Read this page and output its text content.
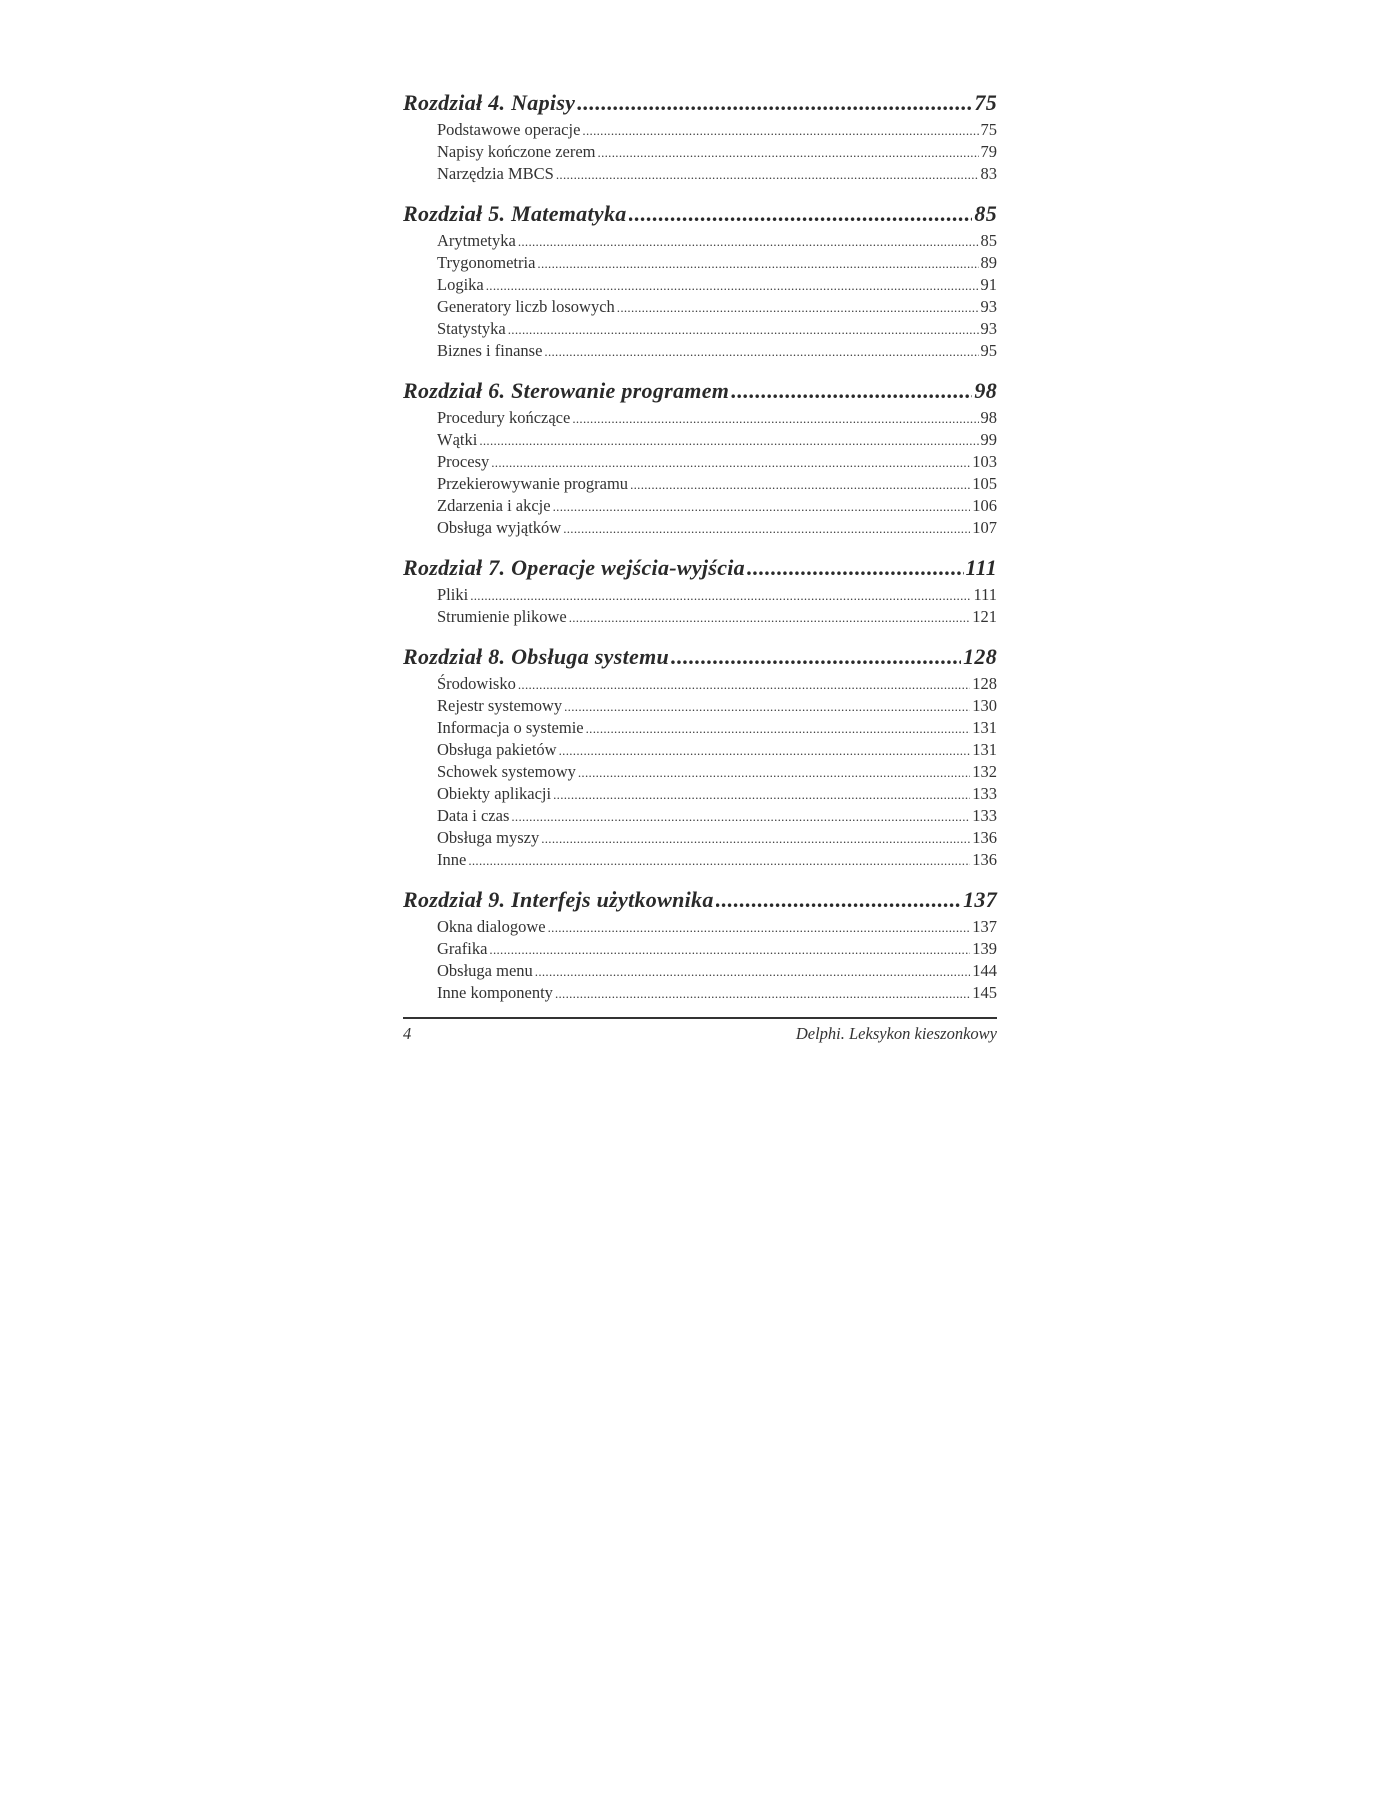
Rozdział 4. Napisy .....	75
Podstawowe operacje .....	75
Napisy kończone zerem .....	79
Narzędzia MBCS .....	83
Rozdział 5. Matematyka .....	85
Arytmetyka .....	85
Trygonometria .....	89
Logika .....	91
Generatory liczb losowych .....	93
Statystyka .....	93
Biznes i finanse .....	95
Rozdział 6. Sterowanie programem .....	98
Procedury kończące .....	98
Wątki .....	99
Procesy .....	103
Przekierowywanie programu .....	105
Zdarzenia i akcje .....	106
Obsługa wyjątków .....	107
Rozdział 7. Operacje wejścia-wyjścia .....	111
Pliki .....	111
Strumienie plikowe .....	121
Rozdział 8. Obsługa systemu .....	128
Środowisko .....	128
Rejestr systemowy .....	130
Informacja o systemie .....	131
Obsługa pakietów .....	131
Schowek systemowy .....	132
Obiekty aplikacji .....	133
Data i czas .....	133
Obsługa myszy .....	136
Inne .....	136
Rozdział 9. Interfejs użytkownika .....	137
Okna dialogowe .....	137
Grafika .....	139
Obsługa menu .....	144
Inne komponenty .....	145
4	Delphi. Leksykon kieszonkowy
